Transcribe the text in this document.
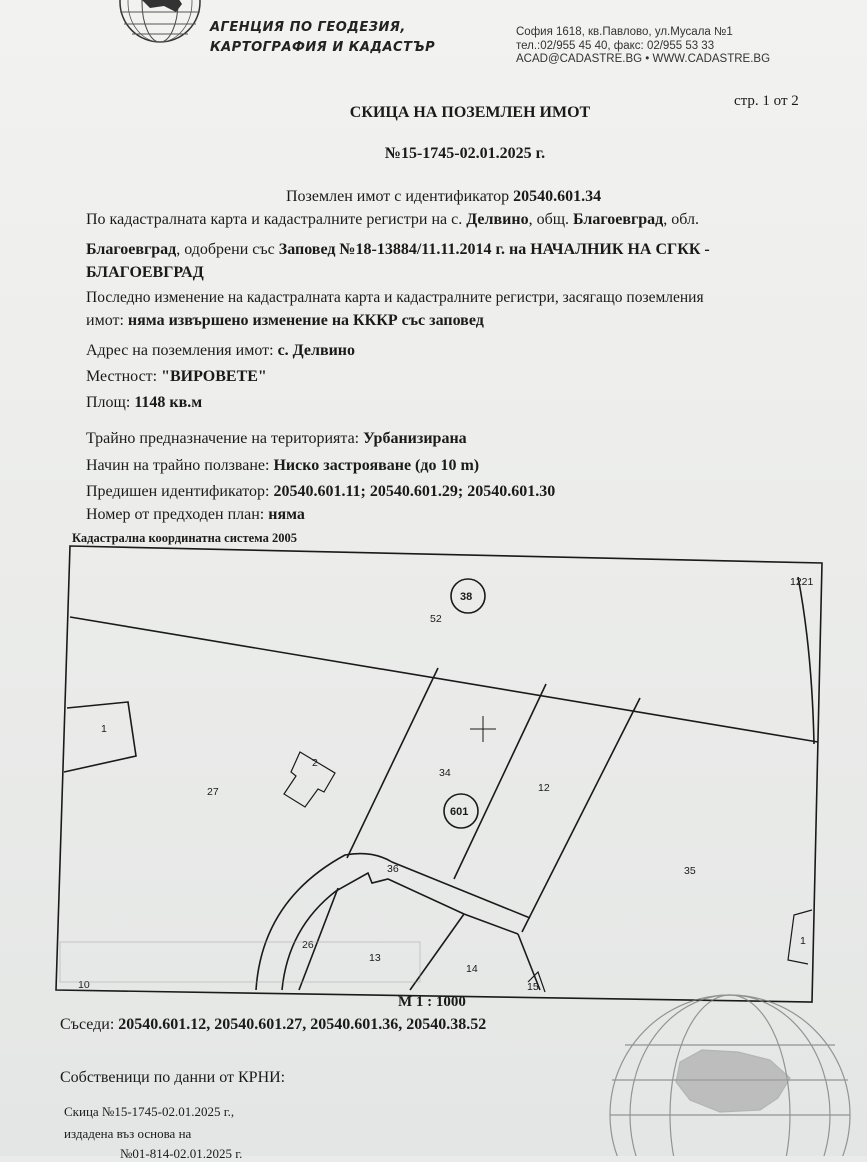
АГЕНЦИЯ ПО ГЕОДЕЗИЯ,
КАРТОГРАФИЯ И КАДАСТЪР
София 1618, кв.Павлово, ул.Мусала №1
тел.:02/955 45 40, факс: 02/955 53 33
ACAD@CADASTRE.BG • WWW.CADASTRE.BG
стр. 1 от 2
СКИЦА НА ПОЗЕМЛЕН ИМОТ
№15-1745-02.01.2025 г.
Поземлен имот с идентификатор 20540.601.34
По кадастралната карта и кадастралните регистри на с. Делвино, общ. Благоевград, обл.
Благоевград, одобрени със Заповед №18-13884/11.11.2014 г. на НАЧАЛНИК НА СГКК -
БЛАГОЕВГРАД
Последно изменение на кадастралната карта и кадастралните регистри, засягащо поземления
имот: няма извършено изменение на КККР със заповед
Адрес на поземления имот: с. Делвино
Местност: "ВИРОВЕТЕ"
Площ: 1148 кв.м
Трайно предназначение на територията: Урбанизирана
Начин на трайно ползване: Ниско застрояване (до 10 m)
Предишен идентификатор: 20540.601.11; 20540.601.29; 20540.601.30
Номер от предходен план: няма
Кадастрална координатна система 2005
38
52
1221
1
2
27
34
601
12
35
36
26
13
14
15
10
1
М 1 : 1000
Съседи: 20540.601.12, 20540.601.27, 20540.601.36, 20540.38.52
Собственици по данни от КРНИ:
Скица №15-1745-02.01.2025 г.,
издадена въз основа на
№01-814-02.01.2025 г.
